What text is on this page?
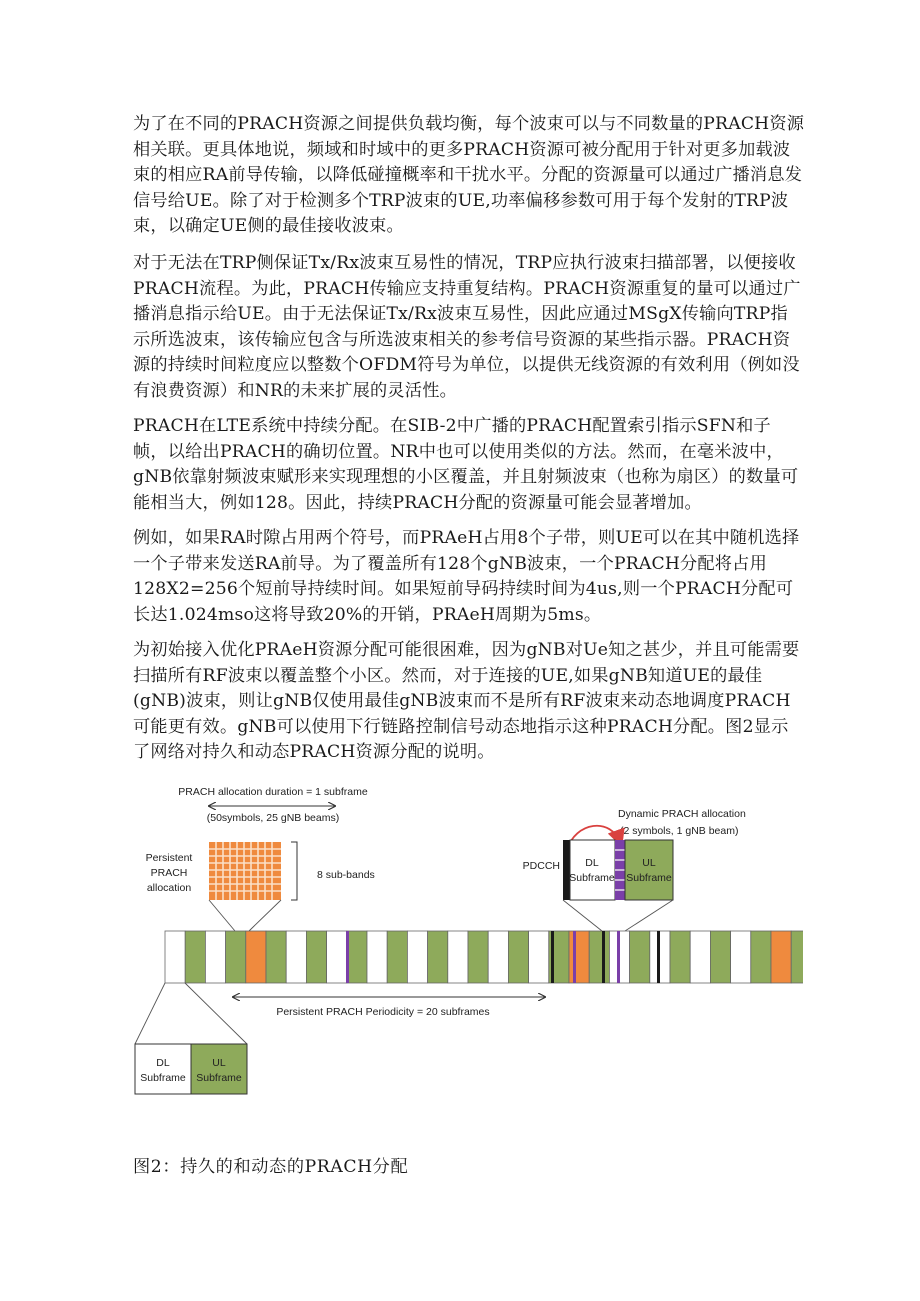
为了在不同的PRACH资源之间提供负载均衡，每个波束可以与不同数量的PRACH资源相关联。更具体地说，频域和时域中的更多PRACH资源可被分配用于针对更多加载波束的相应RA前导传输，以降低碰撞概率和干扰水平。分配的资源量可以通过广播消息发信号给UE。除了对于检测多个TRP波束的UE,功率偏移参数可用于每个发射的TRP波束，以确定UE侧的最佳接收波束。

对于无法在TRP侧保证Tx/Rx波束互易性的情况，TRP应执行波束扫描部署，以便接收PRACH流程。为此，PRACH传输应支持重复结构。PRACH资源重复的量可以通过广播消息指示给UE。由于无法保证Tx/Rx波束互易性，因此应通过MSgX传输向TRP指示所选波束，该传输应包含与所选波束相关的参考信号资源的某些指示器。PRACH资源的持续时间粒度应以整数个OFDM符号为单位，以提供无线资源的有效利用（例如没有浪费资源）和NR的未来扩展的灵活性。

PRACH在LTE系统中持续分配。在SIB-2中广播的PRACH配置索引指示SFN和子帧，以给出PRACH的确切位置。NR中也可以使用类似的方法。然而，在毫米波中，gNB依靠射频波束赋形来实现理想的小区覆盖，并且射频波束（也称为扇区）的数量可能相当大，例如128。因此，持续PRACH分配的资源量可能会显著增加。

例如，如果RA时隙占用两个符号，而PRAeH占用8个子带，则UE可以在其中随机选择一个子带来发送RA前导。为了覆盖所有128个gNB波束，一个PRACH分配将占用128X2=256个短前导持续时间。如果短前导码持续时间为4us,则一个PRACH分配可长达1.024mso这将导致20%的开销，PRAeH周期为5ms。

为初始接入优化PRAeH资源分配可能很困难，因为gNB对Ue知之甚少，并且可能需要扫描所有RF波束以覆盖整个小区。然而，对于连接的UE,如果gNB知道UE的最佳(gNB)波束，则让gNB仅使用最佳gNB波束而不是所有RF波束来动态地调度PRACH可能更有效。gNB可以使用下行链路控制信号动态地指示这种PRACH分配。图2显示了网络对持久和动态PRACH资源分配的说明。

PRACH allocation duration = 1 subframe
(50symbols, 25 gNB beams)
Persistent
PRACH
allocation
8 sub-bands
Dynamic PRACH allocation
(2 symbols, 1 gNB beam)
PDCCH DL
Subframe
UL
Subframe
Persistent PRACH Periodicity = 20 subframes
DL
Subframe
UL
Subframe

图2：持久的和动态的PRACH分配
